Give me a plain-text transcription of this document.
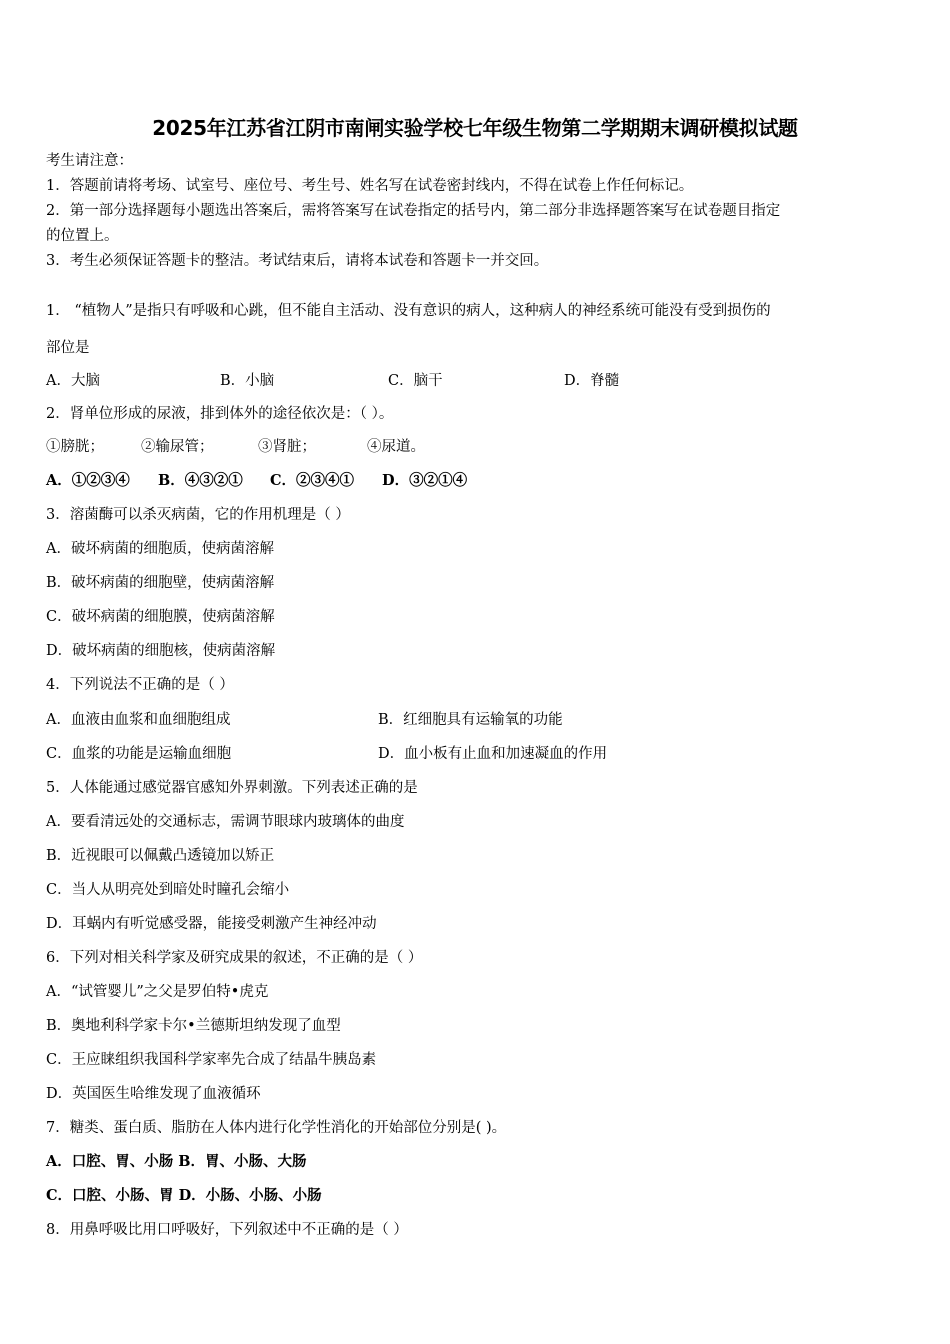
2025年江苏省江阴市南闸实验学校七年级生物第二学期期末调研模拟试题
考生请注意：
1．答题前请将考场、试室号、座位号、考生号、姓名写在试卷密封线内，不得在试卷上作任何标记。
2．第一部分选择题每小题选出答案后，需将答案写在试卷指定的括号内，第二部分非选择题答案写在试卷题目指定
的位置上。
3．考生必须保证答题卡的整洁。考试结束后，请将本试卷和答题卡一并交回。
1． “植物人”是指只有呼吸和心跳，但不能自主活动、没有意识的病人，这种病人的神经系统可能没有受到损伤的
部位是
A．大脑	B．小脑	C．脑干	D．脊髓
2．肾单位形成的尿液，排到体外的途径依次是：（ ）。
①膀胱；	②输尿管；	③肾脏；	④尿道。
A．①②③④ B．④③②① C．②③④① D．③②①④
3．溶菌酶可以杀灭病菌，它的作用机理是（ ）
A．破坏病菌的细胞质，使病菌溶解
B．破坏病菌的细胞壁，使病菌溶解
C．破坏病菌的细胞膜，使病菌溶解
D．破坏病菌的细胞核，使病菌溶解
4．下列说法不正确的是（ ）
A．血液由血浆和血细胞组成	B．红细胞具有运输氧的功能
C．血浆的功能是运输血细胞	D．血小板有止血和加速凝血的作用
5．人体能通过感觉器官感知外界刺激。下列表述正确的是
A．要看清远处的交通标志，需调节眼球内玻璃体的曲度
B．近视眼可以佩戴凸透镜加以矫正
C．当人从明亮处到暗处时瞳孔会缩小
D．耳蜗内有听觉感受器，能接受刺激产生神经冲动
6．下列对相关科学家及研究成果的叙述，不正确的是（ ）
A．“试管婴儿”之父是罗伯特•虎克
B．奥地利科学家卡尔•兰德斯坦纳发现了血型
C．王应睐组织我国科学家率先合成了结晶牛胰岛素
D．英国医生哈维发现了血液循环
7．糖类、蛋白质、脂肪在人体内进行化学性消化的开始部位分别是( )。
A．口腔、胃、小肠 B．胃、小肠、大肠
C．口腔、小肠、胃 D．小肠、小肠、小肠
8．用鼻呼吸比用口呼吸好，下列叙述中不正确的是（ ）
